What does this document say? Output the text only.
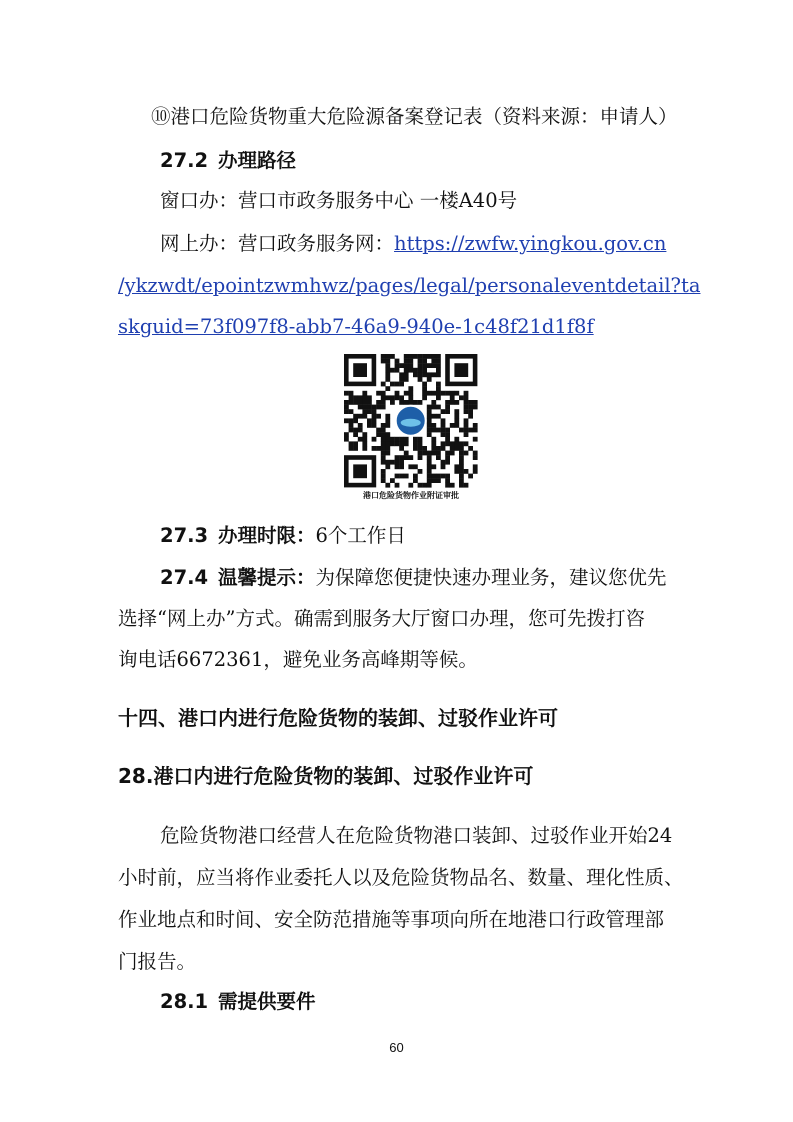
⑩港口危险货物重大危险源备案登记表（资料来源：申请人）
27.2 办理路径
窗口办：营口市政务服务中心 一楼A40号
网上办：营口政务服务网：https://zwfw.yingkou.gov.cn
/ykzwdt/epointzwmhwz/pages/legal/personaleventdetail?ta
skguid=73f097f8-abb7-46a9-940e-1c48f21d1f8f
港口危险货物作业附证审批
27.3 办理时限：6个工作日
27.4 温馨提示：为保障您便捷快速办理业务，建议您优先
选择“网上办”方式。确需到服务大厅窗口办理，您可先拨打咨
询电话6672361，避免业务高峰期等候。
十四、港口内进行危险货物的装卸、过驳作业许可
28.港口内进行危险货物的装卸、过驳作业许可
危险货物港口经营人在危险货物港口装卸、过驳作业开始24
小时前，应当将作业委托人以及危险货物品名、数量、理化性质、
作业地点和时间、安全防范措施等事项向所在地港口行政管理部
门报告。
28.1 需提供要件
60
